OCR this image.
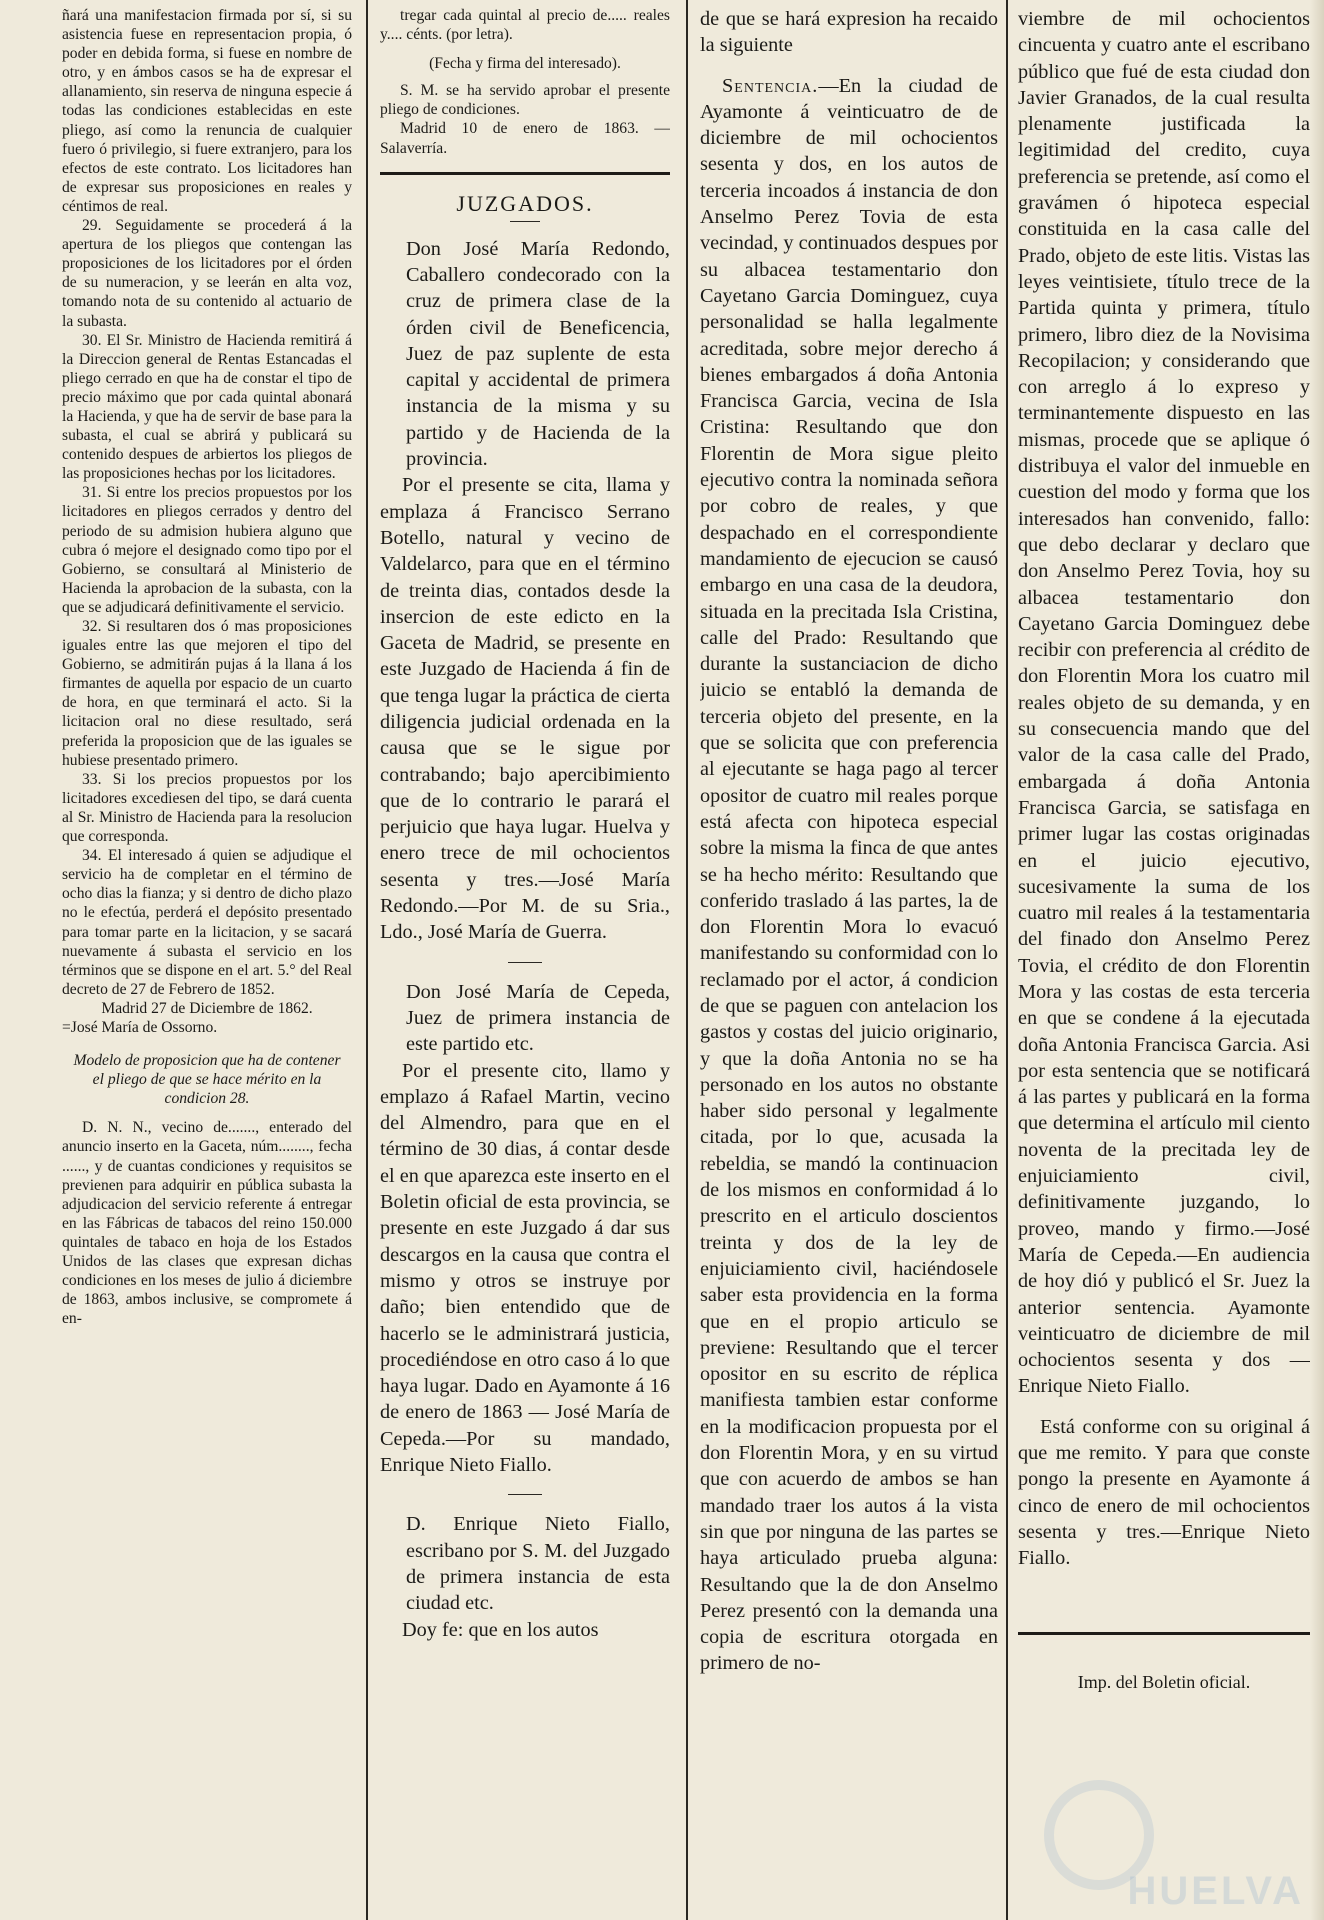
ñará una manifestacion firmada por sí, si su asistencia fuese en representacion propia, ó poder en debida forma, si fuese en nombre de otro, y en ámbos casos se ha de expresar el allanamiento, sin reserva de ninguna especie á todas las condiciones establecidas en este pliego, así como la renuncia de cualquier fuero ó privilegio, si fuere extranjero, para los efectos de este contrato. Los licitadores han de expresar sus proposiciones en reales y céntimos de real.

29. Seguidamente se procederá á la apertura de los pliegos que contengan las proposiciones de los licitadores por el órden de su numeracion, y se leerán en alta voz, tomando nota de su contenido al actuario de la subasta.

30. El Sr. Ministro de Hacienda remitirá á la Direccion general de Rentas Estancadas el pliego cerrado en que ha de constar el tipo de precio máximo que por cada quintal abonará la Hacienda, y que ha de servir de base para la subasta, el cual se abrirá y publicará su contenido despues de arbiertos los pliegos de las proposiciones hechas por los licitadores.

31. Si entre los precios propuestos por los licitadores en pliegos cerrados y dentro del periodo de su admision hubiera alguno que cubra ó mejore el designado como tipo por el Gobierno, se consultará al Ministerio de Hacienda la aprobacion de la subasta, con la que se adjudicará definitivamente el servicio.

32. Si resultaren dos ó mas proposiciones iguales entre las que mejoren el tipo del Gobierno, se admitirán pujas á la llana á los firmantes de aquella por espacio de un cuarto de hora, en que terminará el acto. Si la licitacion oral no diese resultado, será preferida la proposicion que de las iguales se hubiese presentado primero.

33. Si los precios propuestos por los licitadores excediesen del tipo, se dará cuenta al Sr. Ministro de Hacienda para la resolucion que corresponda.

34. El interesado á quien se adjudique el servicio ha de completar en el término de ocho dias la fianza; y si dentro de dicho plazo no le efectúa, perderá el depósito presentado para tomar parte en la licitacion, y se sacará nuevamente á subasta el servicio en los términos que se dispone en el art. 5.° del Real decreto de 27 de Febrero de 1852.

Madrid 27 de Diciembre de 1862.

=José María de Ossorno.

Modelo de proposicion que ha de contener el pliego de que se hace mérito en la condicion 28.

D. N. N., vecino de......., enterado del anuncio inserto en la Gaceta, núm........, fecha ......, y de cuantas condiciones y requisitos se previenen para adquirir en pública subasta la adjudicacion del servicio referente á entregar en las Fábricas de tabacos del reino 150.000 quintales de tabaco en hoja de los Estados Unidos de las clases que expresan dichas condiciones en los meses de julio á diciembre de 1863, ambos inclusive, se compromete á en-

tregar cada quintal al precio de..... reales y.... cénts. (por letra).

(Fecha y firma del interesado).

S. M. se ha servido aprobar el presente pliego de condiciones.

Madrid 10 de enero de 1863. — Salaverría.

JUZGADOS.

Don José María Redondo, Caballero condecorado con la cruz de primera clase de la órden civil de Beneficencia, Juez de paz suplente de esta capital y accidental de primera instancia de la misma y su partido y de Hacienda de la provincia.

Por el presente se cita, llama y emplaza á Francisco Serrano Botello, natural y vecino de Valdelarco, para que en el término de treinta dias, contados desde la insercion de este edicto en la Gaceta de Madrid, se presente en este Juzgado de Hacienda á fin de que tenga lugar la práctica de cierta diligencia judicial ordenada en la causa que se le sigue por contrabando; bajo apercibimiento que de lo contrario le parará el perjuicio que haya lugar. Huelva y enero trece de mil ochocientos sesenta y tres.—José María Redondo.—Por M. de su Sria., Ldo., José María de Guerra.

Don José María de Cepeda, Juez de primera instancia de este partido etc.

Por el presente cito, llamo y emplazo á Rafael Martin, vecino del Almendro, para que en el término de 30 dias, á contar desde el en que aparezca este inserto en el Boletin oficial de esta provincia, se presente en este Juzgado á dar sus descargos en la causa que contra el mismo y otros se instruye por daño; bien entendido que de hacerlo se le administrará justicia, procediéndose en otro caso á lo que haya lugar. Dado en Ayamonte á 16 de enero de 1863 — José María de Cepeda.—Por su mandado, Enrique Nieto Fiallo.

D. Enrique Nieto Fiallo, escribano por S. M. del Juzgado de primera instancia de esta ciudad etc.

Doy fe: que en los autos

de que se hará expresion ha recaido la siguiente

Sentencia.—En la ciudad de Ayamonte á veinticuatro de de diciembre de mil ochocientos sesenta y dos, en los autos de terceria incoados á instancia de don Anselmo Perez Tovia de esta vecindad, y continuados despues por su albacea testamentario don Cayetano Garcia Dominguez, cuya personalidad se halla legalmente acreditada, sobre mejor derecho á bienes embargados á doña Antonia Francisca Garcia, vecina de Isla Cristina: Resultando que don Florentin de Mora sigue pleito ejecutivo contra la nominada señora por cobro de reales, y que despachado en el correspondiente mandamiento de ejecucion se causó embargo en una casa de la deudora, situada en la precitada Isla Cristina, calle del Prado: Resultando que durante la sustanciacion de dicho juicio se entabló la demanda de terceria objeto del presente, en la que se solicita que con preferencia al ejecutante se haga pago al tercer opositor de cuatro mil reales porque está afecta con hipoteca especial sobre la misma la finca de que antes se ha hecho mérito: Resultando que conferido traslado á las partes, la de don Florentin Mora lo evacuó manifestando su conformidad con lo reclamado por el actor, á condicion de que se paguen con antelacion los gastos y costas del juicio originario, y que la doña Antonia no se ha personado en los autos no obstante haber sido personal y legalmente citada, por lo que, acusada la rebeldia, se mandó la continuacion de los mismos en conformidad á lo prescrito en el articulo doscientos treinta y dos de la ley de enjuiciamiento civil, haciéndosele saber esta providencia en la forma que en el propio articulo se previene: Resultando que el tercer opositor en su escrito de réplica manifiesta tambien estar conforme en la modificacion propuesta por el don Florentin Mora, y en su virtud que con acuerdo de ambos se han mandado traer los autos á la vista sin que por ninguna de las partes se haya articulado prueba alguna: Resultando que la de don Anselmo Perez presentó con la demanda una copia de escritura otorgada en primero de no-

viembre de mil ochocientos cincuenta y cuatro ante el escribano público que fué de esta ciudad don Javier Granados, de la cual resulta plenamente justificada la legitimidad del credito, cuya preferencia se pretende, así como el gravámen ó hipoteca especial constituida en la casa calle del Prado, objeto de este litis. Vistas las leyes veintisiete, título trece de la Partida quinta y primera, título primero, libro diez de la Novisima Recopilacion; y considerando que con arreglo á lo expreso y terminantemente dispuesto en las mismas, procede que se aplique ó distribuya el valor del inmueble en cuestion del modo y forma que los interesados han convenido, fallo: que debo declarar y declaro que don Anselmo Perez Tovia, hoy su albacea testamentario don Cayetano Garcia Dominguez debe recibir con preferencia al crédito de don Florentin Mora los cuatro mil reales objeto de su demanda, y en su consecuencia mando que del valor de la casa calle del Prado, embargada á doña Antonia Francisca Garcia, se satisfaga en primer lugar las costas originadas en el juicio ejecutivo, sucesivamente la suma de los cuatro mil reales á la testamentaria del finado don Anselmo Perez Tovia, el crédito de don Florentin Mora y las costas de esta terceria en que se condene á la ejecutada doña Antonia Francisca Garcia. Asi por esta sentencia que se notificará á las partes y publicará en la forma que determina el artículo mil ciento noventa de la precitada ley de enjuiciamiento civil, definitivamente juzgando, lo proveo, mando y firmo.—José María de Cepeda.—En audiencia de hoy dió y publicó el Sr. Juez la anterior sentencia. Ayamonte veinticuatro de diciembre de mil ochocientos sesenta y dos —Enrique Nieto Fiallo.

Está conforme con su original á que me remito. Y para que conste pongo la presente en Ayamonte á cinco de enero de mil ochocientos sesenta y tres.—Enrique Nieto Fiallo.

Imp. del Boletin oficial.

HUELVA
